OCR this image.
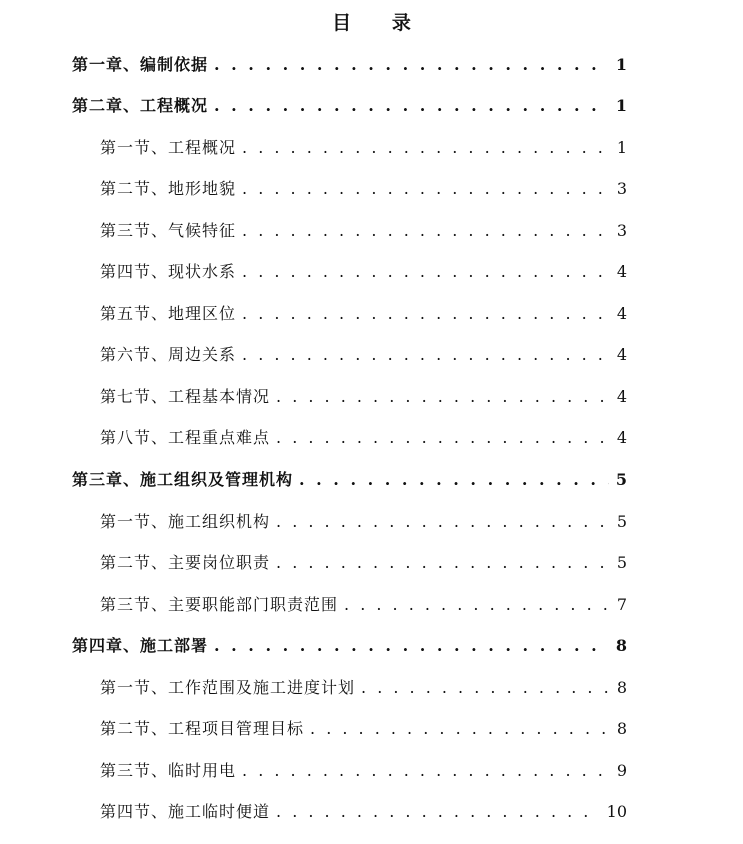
目 录
第一章、编制依据 . . .	1
第二章、工程概况 . . .	1
第一节、工程概况 . . .	1
第二节、地形地貌 . . .	3
第三节、气候特征 . . .	3
第四节、现状水系 . . .	4
第五节、地理区位 . . .	4
第六节、周边关系 . . .	4
第七节、工程基本情况 . . .	4
第八节、工程重点难点 . . .	4
第三章、施工组织及管理机构 . . .	5
第一节、施工组织机构 . . .	5
第二节、主要岗位职责 . . .	5
第三节、主要职能部门职责范围 . . .	7
第四章、施工部署 . . .	8
第一节、工作范围及施工进度计划 . . .	8
第二节、工程项目管理目标 . . .	8
第三节、临时用电 . . .	9
第四节、施工临时便道 . . .	10
